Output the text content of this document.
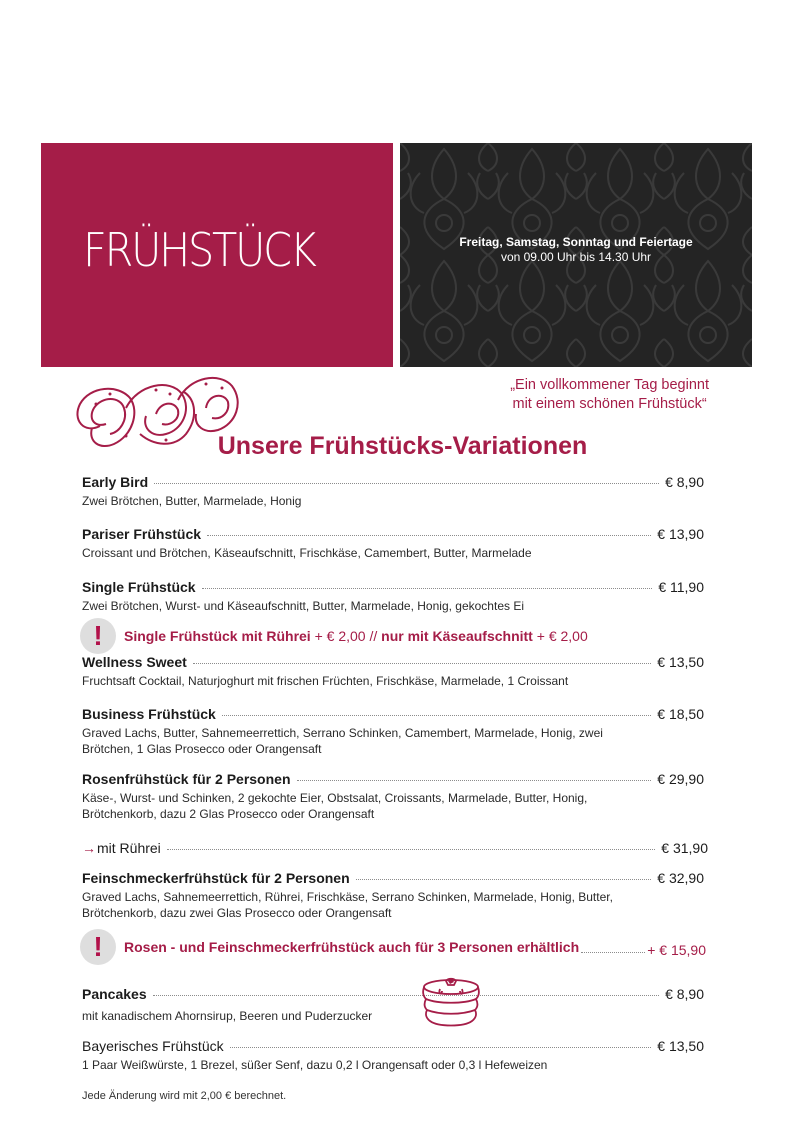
FRÜHSTÜCK	Freitag, Samstag, Sonntag und Feiertage
von 09.00 Uhr bis 14.30 Uhr
„Ein vollkommener Tag beginnt
mit einem schönen Frühstück“
Unsere Frühstücks-Variationen
Early Bird	€ 8,90
Zwei Brötchen, Butter, Marmelade, Honig
Pariser Frühstück	€ 13,90
Croissant und Brötchen, Käseaufschnitt, Frischkäse, Camembert, Butter, Marmelade
Single Frühstück	€ 11,90
Zwei Brötchen, Wurst- und Käseaufschnitt, Butter, Marmelade, Honig, gekochtes Ei
!	Single Frühstück mit Rührei + € 2,00 // nur mit Käseaufschnitt + € 2,00
Wellness Sweet	€ 13,50
Fruchtsaft Cocktail, Naturjoghurt mit frischen Früchten, Frischkäse, Marmelade, 1 Croissant
Business Frühstück	€ 18,50
Graved Lachs, Butter, Sahnemeerrettich, Serrano Schinken, Camembert, Marmelade, Honig, zwei Brötchen, 1 Glas Prosecco oder Orangensaft
Rosenfrühstück für 2 Personen	€ 29,90
Käse-, Wurst- und Schinken, 2 gekochte Eier, Obstsalat, Croissants, Marmelade, Butter, Honig, Brötchenkorb, dazu 2 Glas Prosecco oder Orangensaft
→mit Rührei	€ 31,90
Feinschmeckerfrühstück für 2 Personen	€ 32,90
Graved Lachs, Sahnemeerrettich, Rührei, Frischkäse, Serrano Schinken, Marmelade, Honig, Butter, Brötchenkorb, dazu zwei Glas Prosecco oder Orangensaft
!	Rosen - und Feinschmeckerfrühstück auch für 3 Personen erhältlich	+ € 15,90
Pancakes	€ 8,90
mit kanadischem Ahornsirup, Beeren und Puderzucker
Bayerisches Frühstück	€ 13,50
1 Paar Weißwürste, 1 Brezel, süßer Senf, dazu 0,2 l Orangensaft oder 0,3 l Hefeweizen
Jede Änderung wird mit 2,00 € berechnet.
